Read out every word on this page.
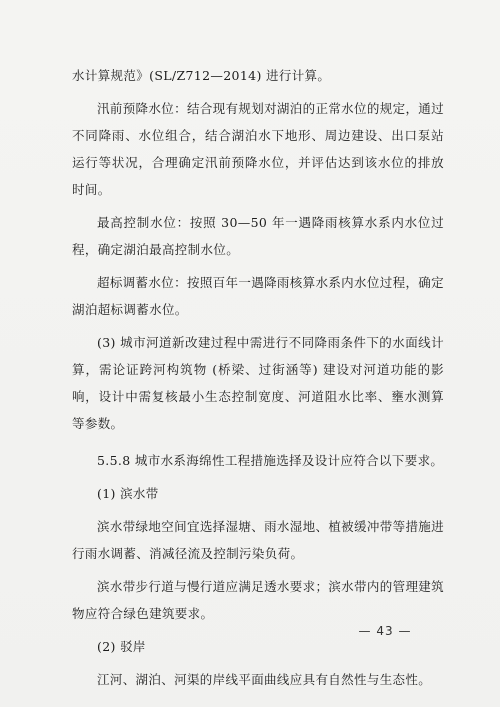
水计算规范》(SL/Z712—2014) 进行计算。

汛前预降水位：结合现有规划对湖泊的正常水位的规定，通过不同降雨、水位组合，结合湖泊水下地形、周边建设、出口泵站运行等状况，合理确定汛前预降水位，并评估达到该水位的排放时间。

最高控制水位：按照 30—50 年一遇降雨核算水系内水位过程，确定湖泊最高控制水位。

超标调蓄水位：按照百年一遇降雨核算水系内水位过程，确定湖泊超标调蓄水位。

(3) 城市河道新改建过程中需进行不同降雨条件下的水面线计算，需论证跨河构筑物 (桥梁、过街涵等) 建设对河道功能的影响，设计中需复核最小生态控制宽度、河道阻水比率、壅水测算等参数。

5.5.8 城市水系海绵性工程措施选择及设计应符合以下要求。

(1) 滨水带

滨水带绿地空间宜选择湿塘、雨水湿地、植被缓冲带等措施进行雨水调蓄、消减径流及控制污染负荷。

滨水带步行道与慢行道应满足透水要求；滨水带内的管理建筑物应符合绿色建筑要求。

(2) 驳岸

江河、湖泊、河渠的岸线平面曲线应具有自然性与生态性。

— 43 —
